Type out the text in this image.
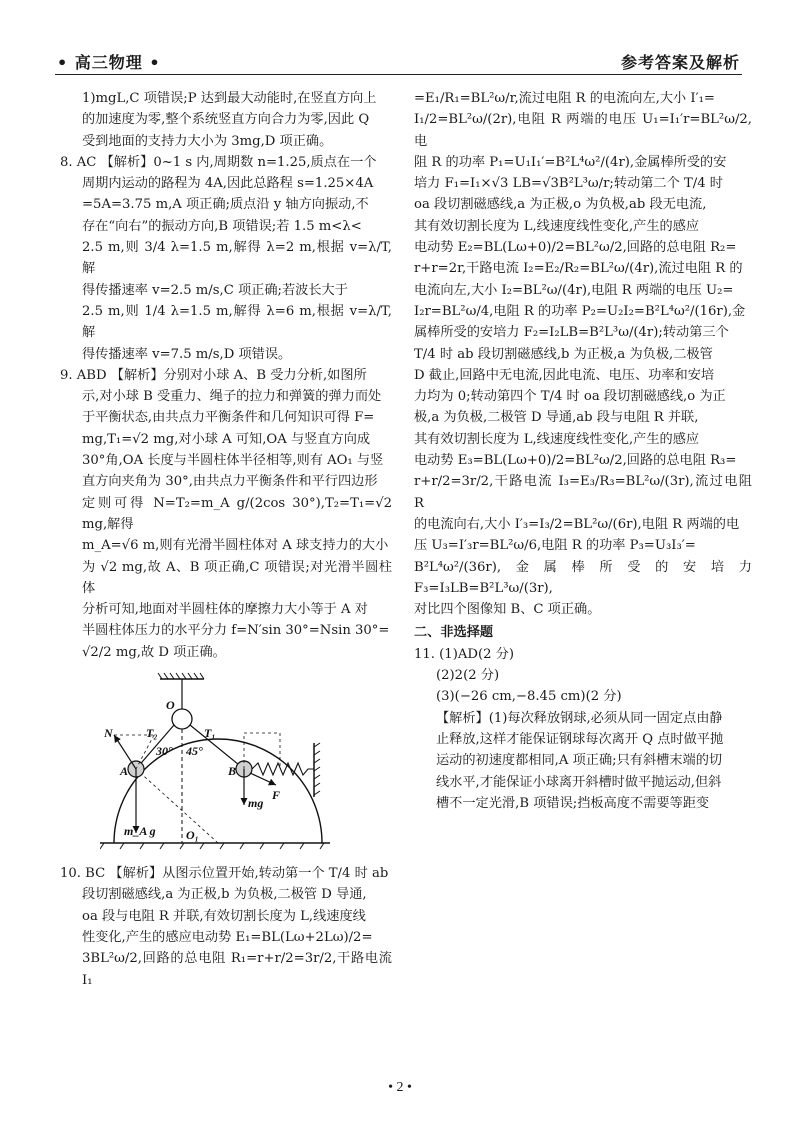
• 高三物理 •	参考答案及解析

1)mgL,C 项错误;P 达到最大动能时,在竖直方向上

的加速度为零,整个系统竖直方向合力为零,因此 Q

受到地面的支持力大小为 3mg,D 项正确。

8. AC 【解析】0~1 s 内,周期数 n=1.25,质点在一个

周期内运动的路程为 4A,因此总路程 s=1.25×4A

=5A=3.75 m,A 项正确;质点沿 y 轴方向振动,不

存在“向右”的振动方向,B 项错误;若 1.5 m<λ<

2.5 m,则 3/4 λ=1.5 m,解得 λ=2 m,根据 v=λ/T,解

得传播速率 v=2.5 m/s,C 项正确;若波长大于

2.5 m,则 1/4 λ=1.5 m,解得 λ=6 m,根据 v=λ/T,解

得传播速率 v=7.5 m/s,D 项错误。

9. ABD 【解析】分别对小球 A、B 受力分析,如图所

示,对小球 B 受重力、绳子的拉力和弹簧的弹力而处

于平衡状态,由共点力平衡条件和几何知识可得 F=

mg,T₁=√2 mg,对小球 A 可知,OA 与竖直方向成

30°角,OA 长度与半圆柱体半径相等,则有 AO₁ 与竖

直方向夹角为 30°,由共点力平衡条件和平行四边形

定则可得 N=T₂=m_A g/(2cos 30°),T₂=T₁=√2 mg,解得

m_A=√6 m,则有光滑半圆柱体对 A 球支持力的大小

为 √2 mg,故 A、B 项正确,C 项错误;对光滑半圆柱体

分析可知,地面对半圆柱体的摩擦力大小等于 A 对

半圆柱体压力的水平分力 f=N′sin 30°=Nsin 30°=

√2/2 mg,故 D 项正确。

O
N	T₂	T₁
30° 45°
A	B
F
mg
m_A g	O₁

10. BC 【解析】从图示位置开始,转动第一个 T/4 时 ab

段切割磁感线,a 为正极,b 为负极,二极管 D 导通,

oa 段与电阻 R 并联,有效切割长度为 L,线速度线

性变化,产生的感应电动势 E₁=BL(Lω+2Lω)/2=

3BL²ω/2,回路的总电阻 R₁=r+r/2=3r/2,干路电流 I₁

=E₁/R₁=BL²ω/r,流过电阻 R 的电流向左,大小 I′₁=

I₁/2=BL²ω/(2r),电阻 R 两端的电压 U₁=I₁′r=BL²ω/2,电

阻 R 的功率 P₁=U₁I₁′=B²L⁴ω²/(4r),金属棒所受的安

培力 F₁=I₁×√3 LB=√3B²L³ω/r;转动第二个 T/4 时

oa 段切割磁感线,a 为正极,o 为负极,ab 段无电流,

其有效切割长度为 L,线速度线性变化,产生的感应

电动势 E₂=BL(Lω+0)/2=BL²ω/2,回路的总电阻 R₂=

r+r=2r,干路电流 I₂=E₂/R₂=BL²ω/(4r),流过电阻 R 的

电流向左,大小 I₂=BL²ω/(4r),电阻 R 两端的电压 U₂=

I₂r=BL²ω/4,电阻 R 的功率 P₂=U₂I₂=B²L⁴ω²/(16r),金

属棒所受的安培力 F₂=I₂LB=B²L³ω/(4r);转动第三个

T/4 时 ab 段切割磁感线,b 为正极,a 为负极,二极管

D 截止,回路中无电流,因此电流、电压、功率和安培

力均为 0;转动第四个 T/4 时 oa 段切割磁感线,o 为正

极,a 为负极,二极管 D 导通,ab 段与电阻 R 并联,

其有效切割长度为 L,线速度线性变化,产生的感应

电动势 E₃=BL(Lω+0)/2=BL²ω/2,回路的总电阻 R₃=

r+r/2=3r/2,干路电流 I₃=E₃/R₃=BL²ω/(3r),流过电阻 R

的电流向右,大小 I′₃=I₃/2=BL²ω/(6r),电阻 R 两端的电

压 U₃=I′₃r=BL²ω/6,电阻 R 的功率 P₃=U₃I₃′=

B²L⁴ω²/(36r),金属棒所受的安培力 F₃=I₃LB=B²L³ω/(3r),

对比四个图像知 B、C 项正确。

二、非选择题

11. (1)AD(2 分)

(2)2(2 分)

(3)(−26 cm,−8.45 cm)(2 分)

【解析】(1)每次释放钢球,必须从同一固定点由静

止释放,这样才能保证钢球每次离开 Q 点时做平抛

运动的初速度都相同,A 项正确;只有斜槽末端的切

线水平,才能保证小球离开斜槽时做平抛运动,但斜

槽不一定光滑,B 项错误;挡板高度不需要等距变

• 2 •
